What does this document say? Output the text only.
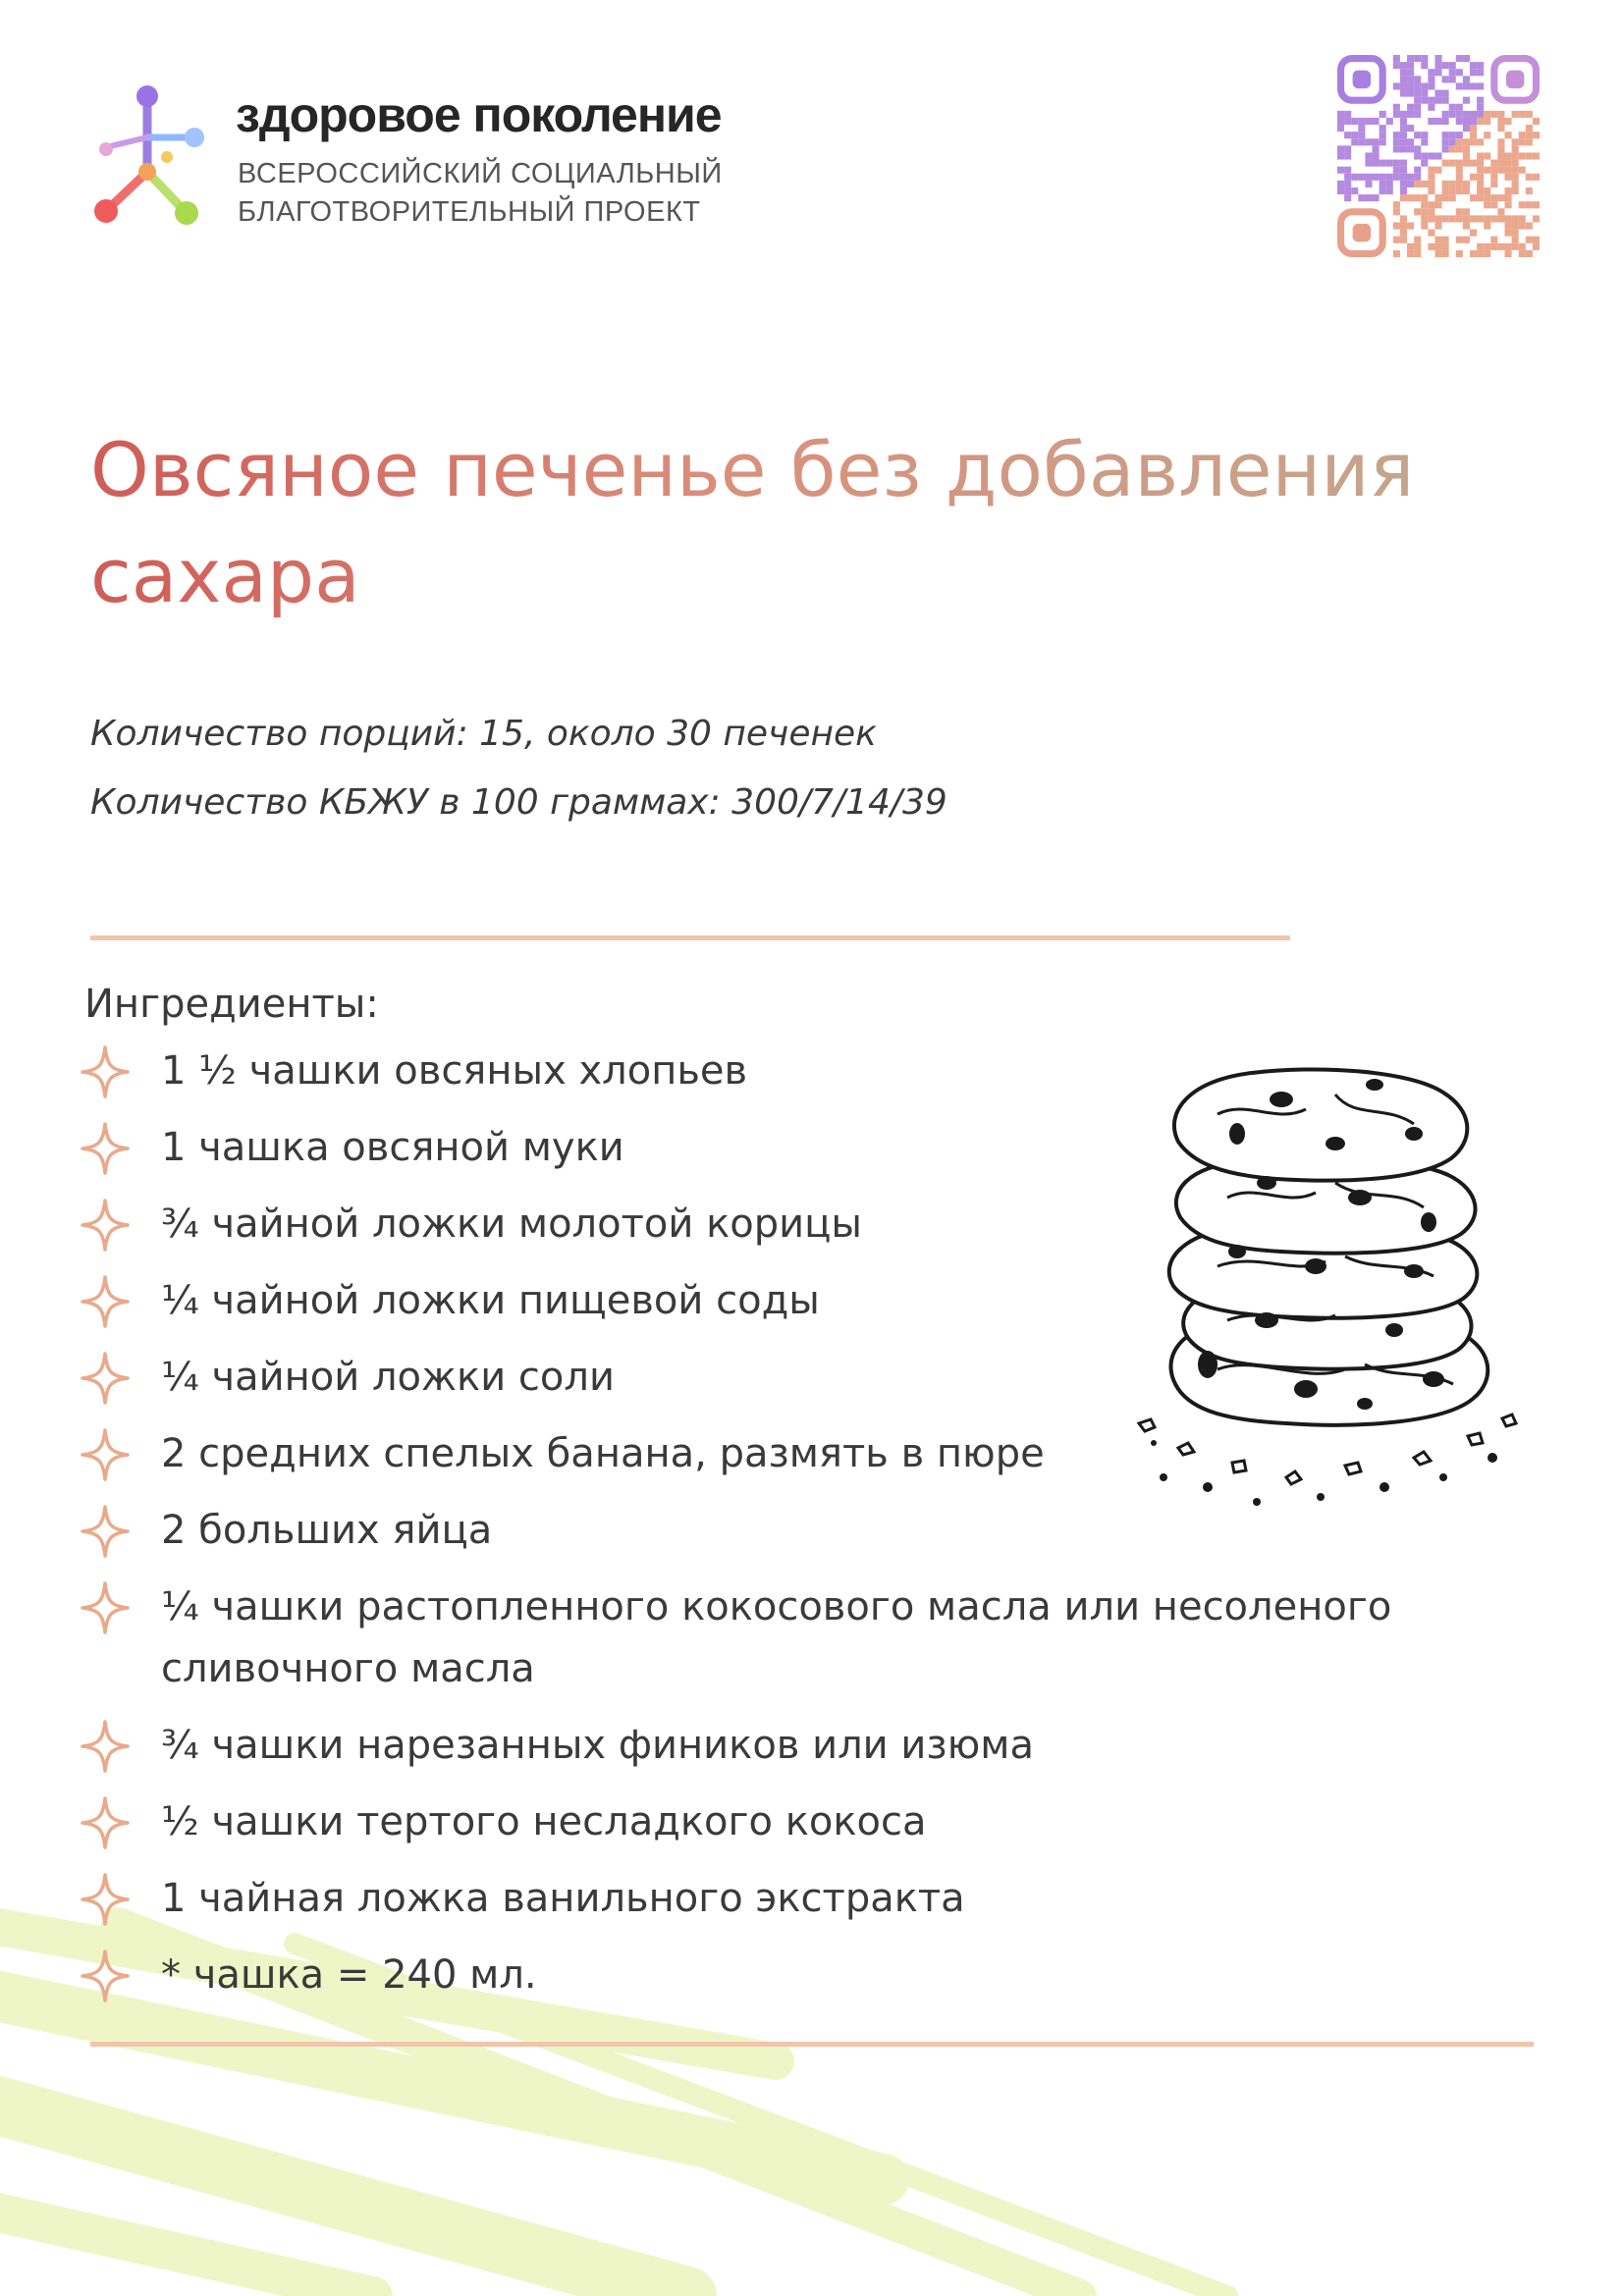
здоровое поколение
ВСЕРОССИЙСКИЙ СОЦИАЛЬНЫЙ
БЛАГОТВОРИТЕЛЬНЫЙ ПРОЕКТ
Овсяное печенье без добавления сахара
Количество порций: 15, около 30 печенек
Количество КБЖУ в 100 граммах: 300/7/14/39
Ингредиенты:
1 ½ чашки овсяных хлопьев
1 чашка овсяной муки
¾ чайной ложки молотой корицы
¼ чайной ложки пищевой соды
¼ чайной ложки соли
2 средних спелых банана, размять в пюре
2 больших яйца
¼ чашки растопленного кокосового масла или несоленого сливочного масла
¾ чашки нарезанных фиников или изюма
½ чашки тертого несладкого кокоса
1 чайная ложка ванильного экстракта
* чашка = 240 мл.
